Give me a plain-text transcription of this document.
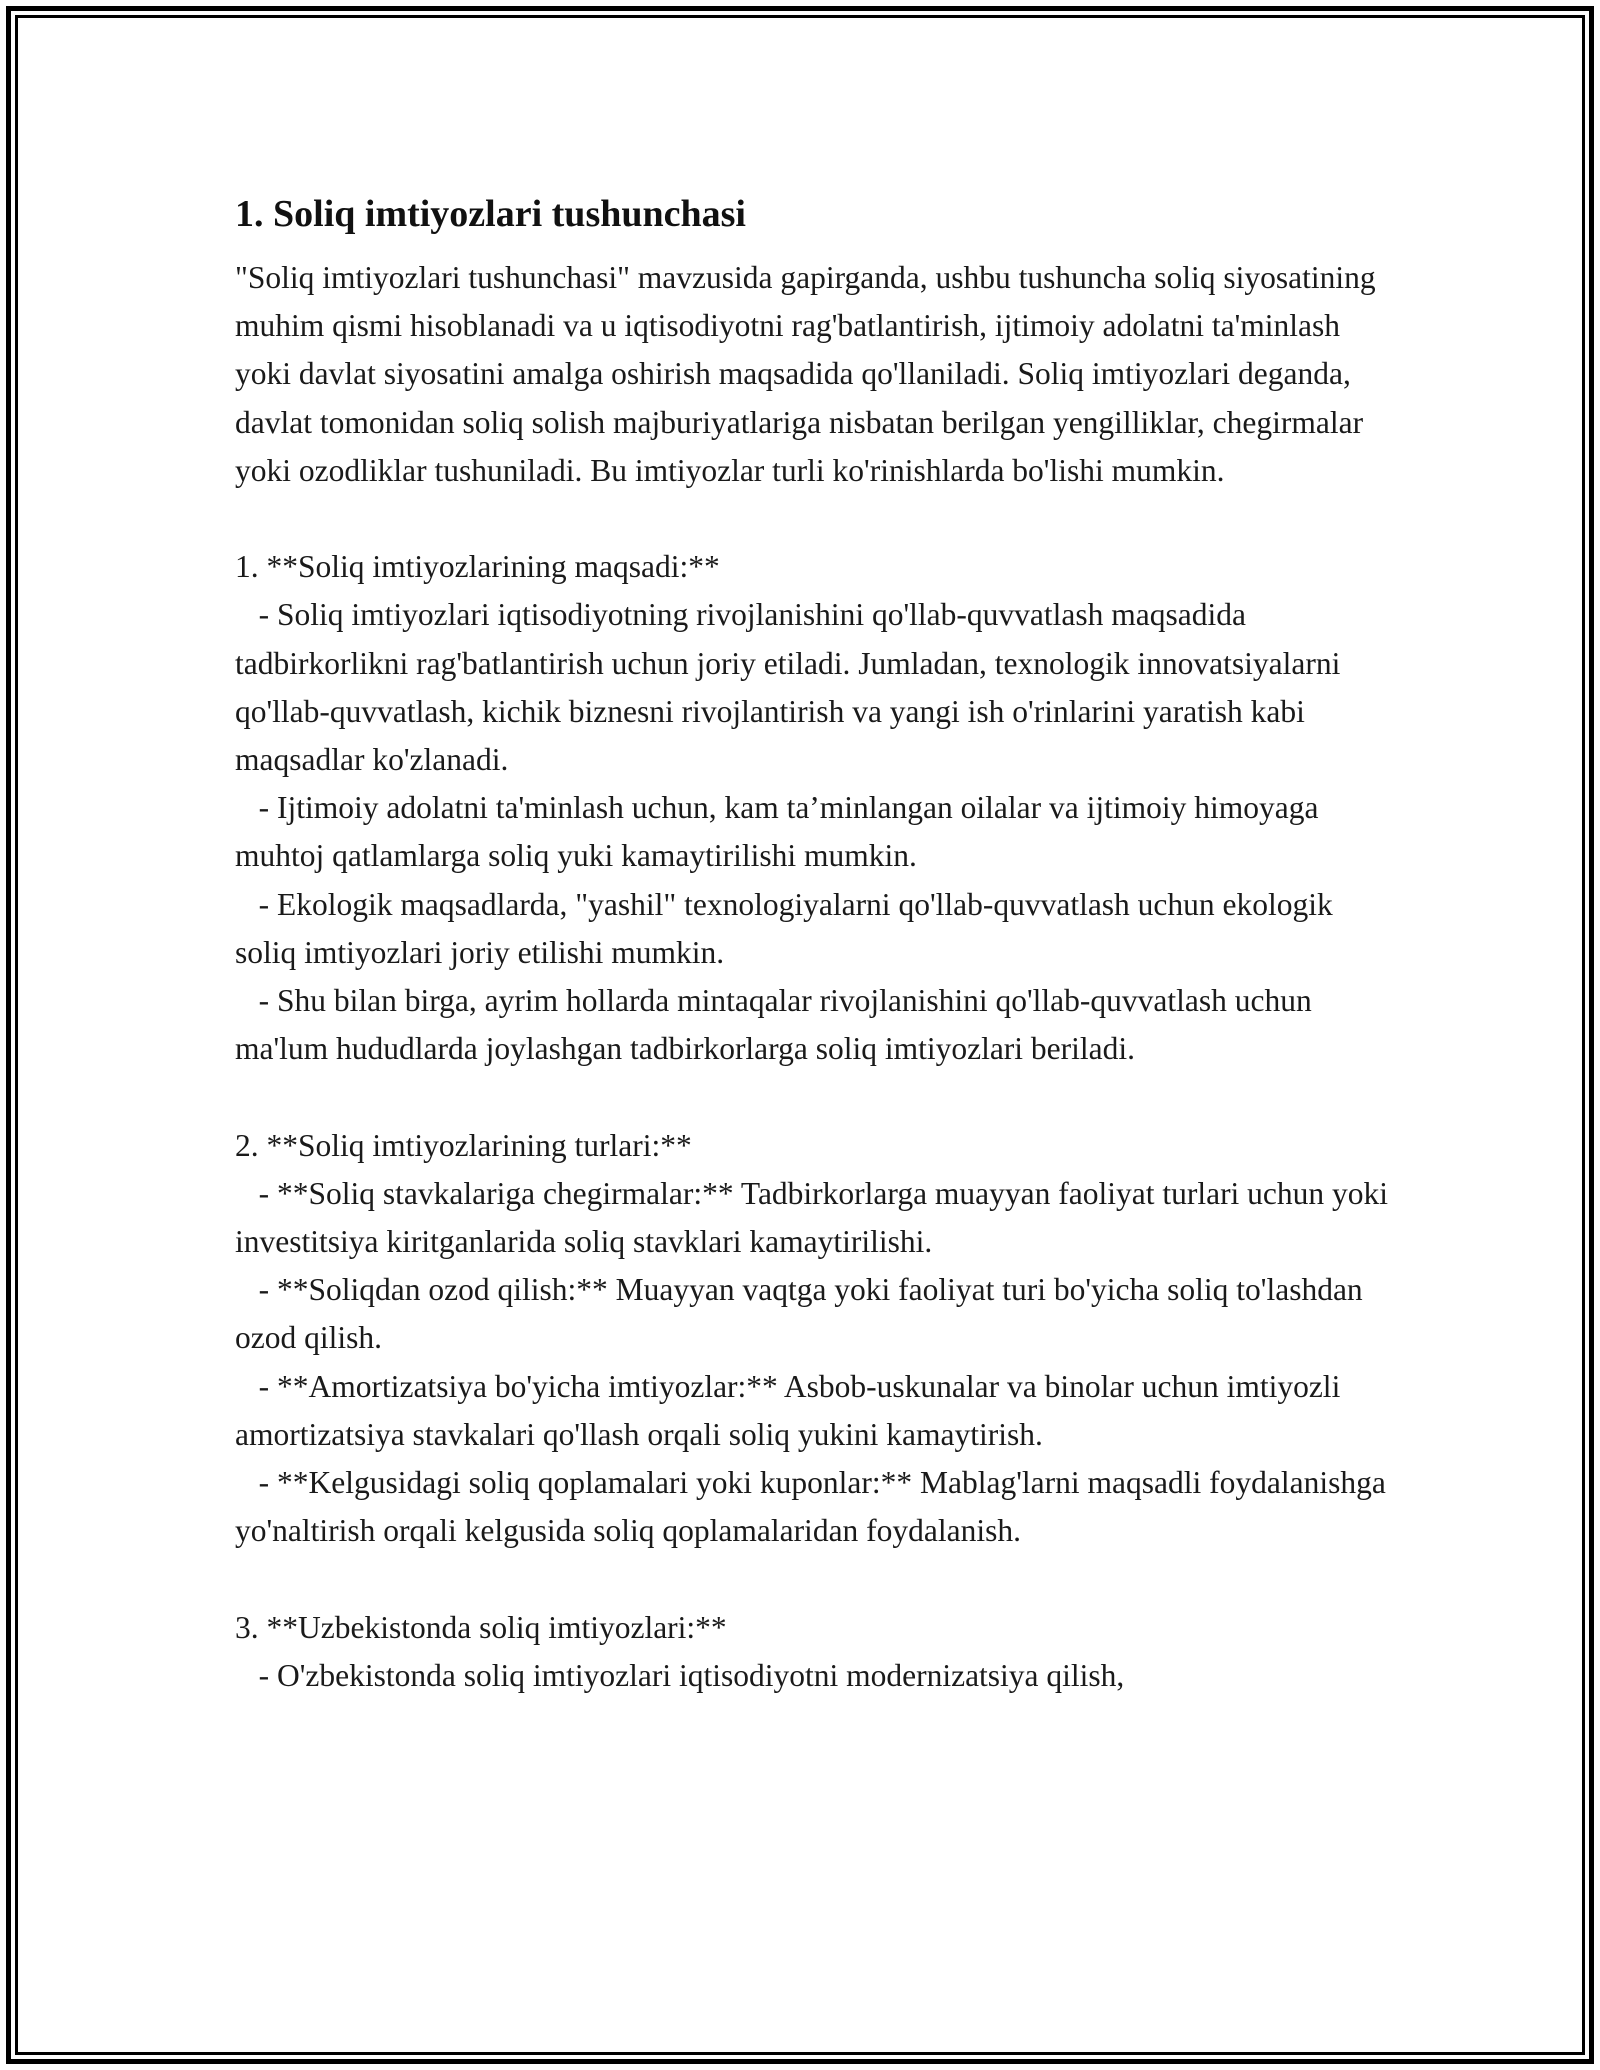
1. Soliq imtiyozlari tushunchasi

"Soliq imtiyozlari tushunchasi" mavzusida gapirganda, ushbu tushuncha soliq siyosatining muhim qismi hisoblanadi va u iqtisodiyotni rag'batlantirish, ijtimoiy adolatni ta'minlash yoki davlat siyosatini amalga oshirish maqsadida qo'llaniladi. Soliq imtiyozlari deganda, davlat tomonidan soliq solish majburiyatlariga nisbatan berilgan yengilliklar, chegirmalar yoki ozodliklar tushuniladi. Bu imtiyozlar turli ko'rinishlarda bo'lishi mumkin.

1. **Soliq imtiyozlarining maqsadi:**

- Soliq imtiyozlari iqtisodiyotning rivojlanishini qo'llab-quvvatlash maqsadida tadbirkorlikni rag'batlantirish uchun joriy etiladi. Jumladan, texnologik innovatsiyalarni qo'llab-quvvatlash, kichik biznesni rivojlantirish va yangi ish o'rinlarini yaratish kabi maqsadlar ko'zlanadi.

- Ijtimoiy adolatni ta'minlash uchun, kam ta’minlangan oilalar va ijtimoiy himoyaga muhtoj qatlamlarga soliq yuki kamaytirilishi mumkin.

- Ekologik maqsadlarda, "yashil" texnologiyalarni qo'llab-quvvatlash uchun ekologik soliq imtiyozlari joriy etilishi mumkin.

- Shu bilan birga, ayrim hollarda mintaqalar rivojlanishini qo'llab-quvvatlash uchun ma'lum hududlarda joylashgan tadbirkorlarga soliq imtiyozlari beriladi.

2. **Soliq imtiyozlarining turlari:**

- **Soliq stavkalariga chegirmalar:** Tadbirkorlarga muayyan faoliyat turlari uchun yoki investitsiya kiritganlarida soliq stavklari kamaytirilishi.

- **Soliqdan ozod qilish:** Muayyan vaqtga yoki faoliyat turi bo'yicha soliq to'lashdan ozod qilish.

- **Amortizatsiya bo'yicha imtiyozlar:** Asbob-uskunalar va binolar uchun imtiyozli amortizatsiya stavkalari qo'llash orqali soliq yukini kamaytirish.

- **Kelgusidagi soliq qoplamalari yoki kuponlar:** Mablag'larni maqsadli foydalanishga yo'naltirish orqali kelgusida soliq qoplamalaridan foydalanish.

3. **Uzbekistonda soliq imtiyozlari:**

- O'zbekistonda soliq imtiyozlari iqtisodiyotni modernizatsiya qilish,
